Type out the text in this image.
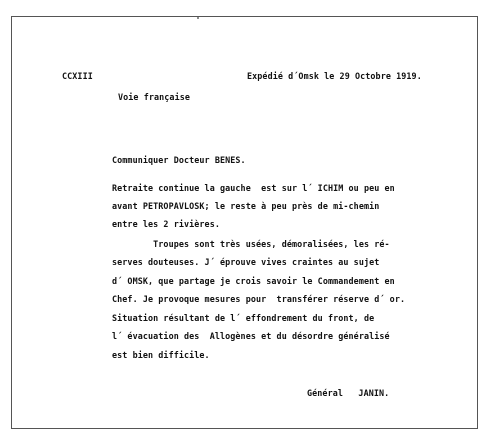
CCXIII	Expédié d´Omsk le 29 Octobre 1919.
Voie française
Communiquer Docteur BENES.
Retraite continue la gauche  est sur l´ ICHIM ou peu en
avant PETROPAVLOSK; le reste à peu près de mi-chemin
entre les 2 rivières.
Troupes sont très usées, démoralisées, les ré-
serves douteuses. J´ éprouve vives craintes au sujet
d´ OMSK, que partage je crois savoir le Commandement en
Chef. Je provoque mesures pour  transférer réserve d´ or.
Situation résultant de l´ effondrement du front, de
l´ évacuation des  Allogènes et du désordre généralisé
est bien difficile.
Général   JANIN.
